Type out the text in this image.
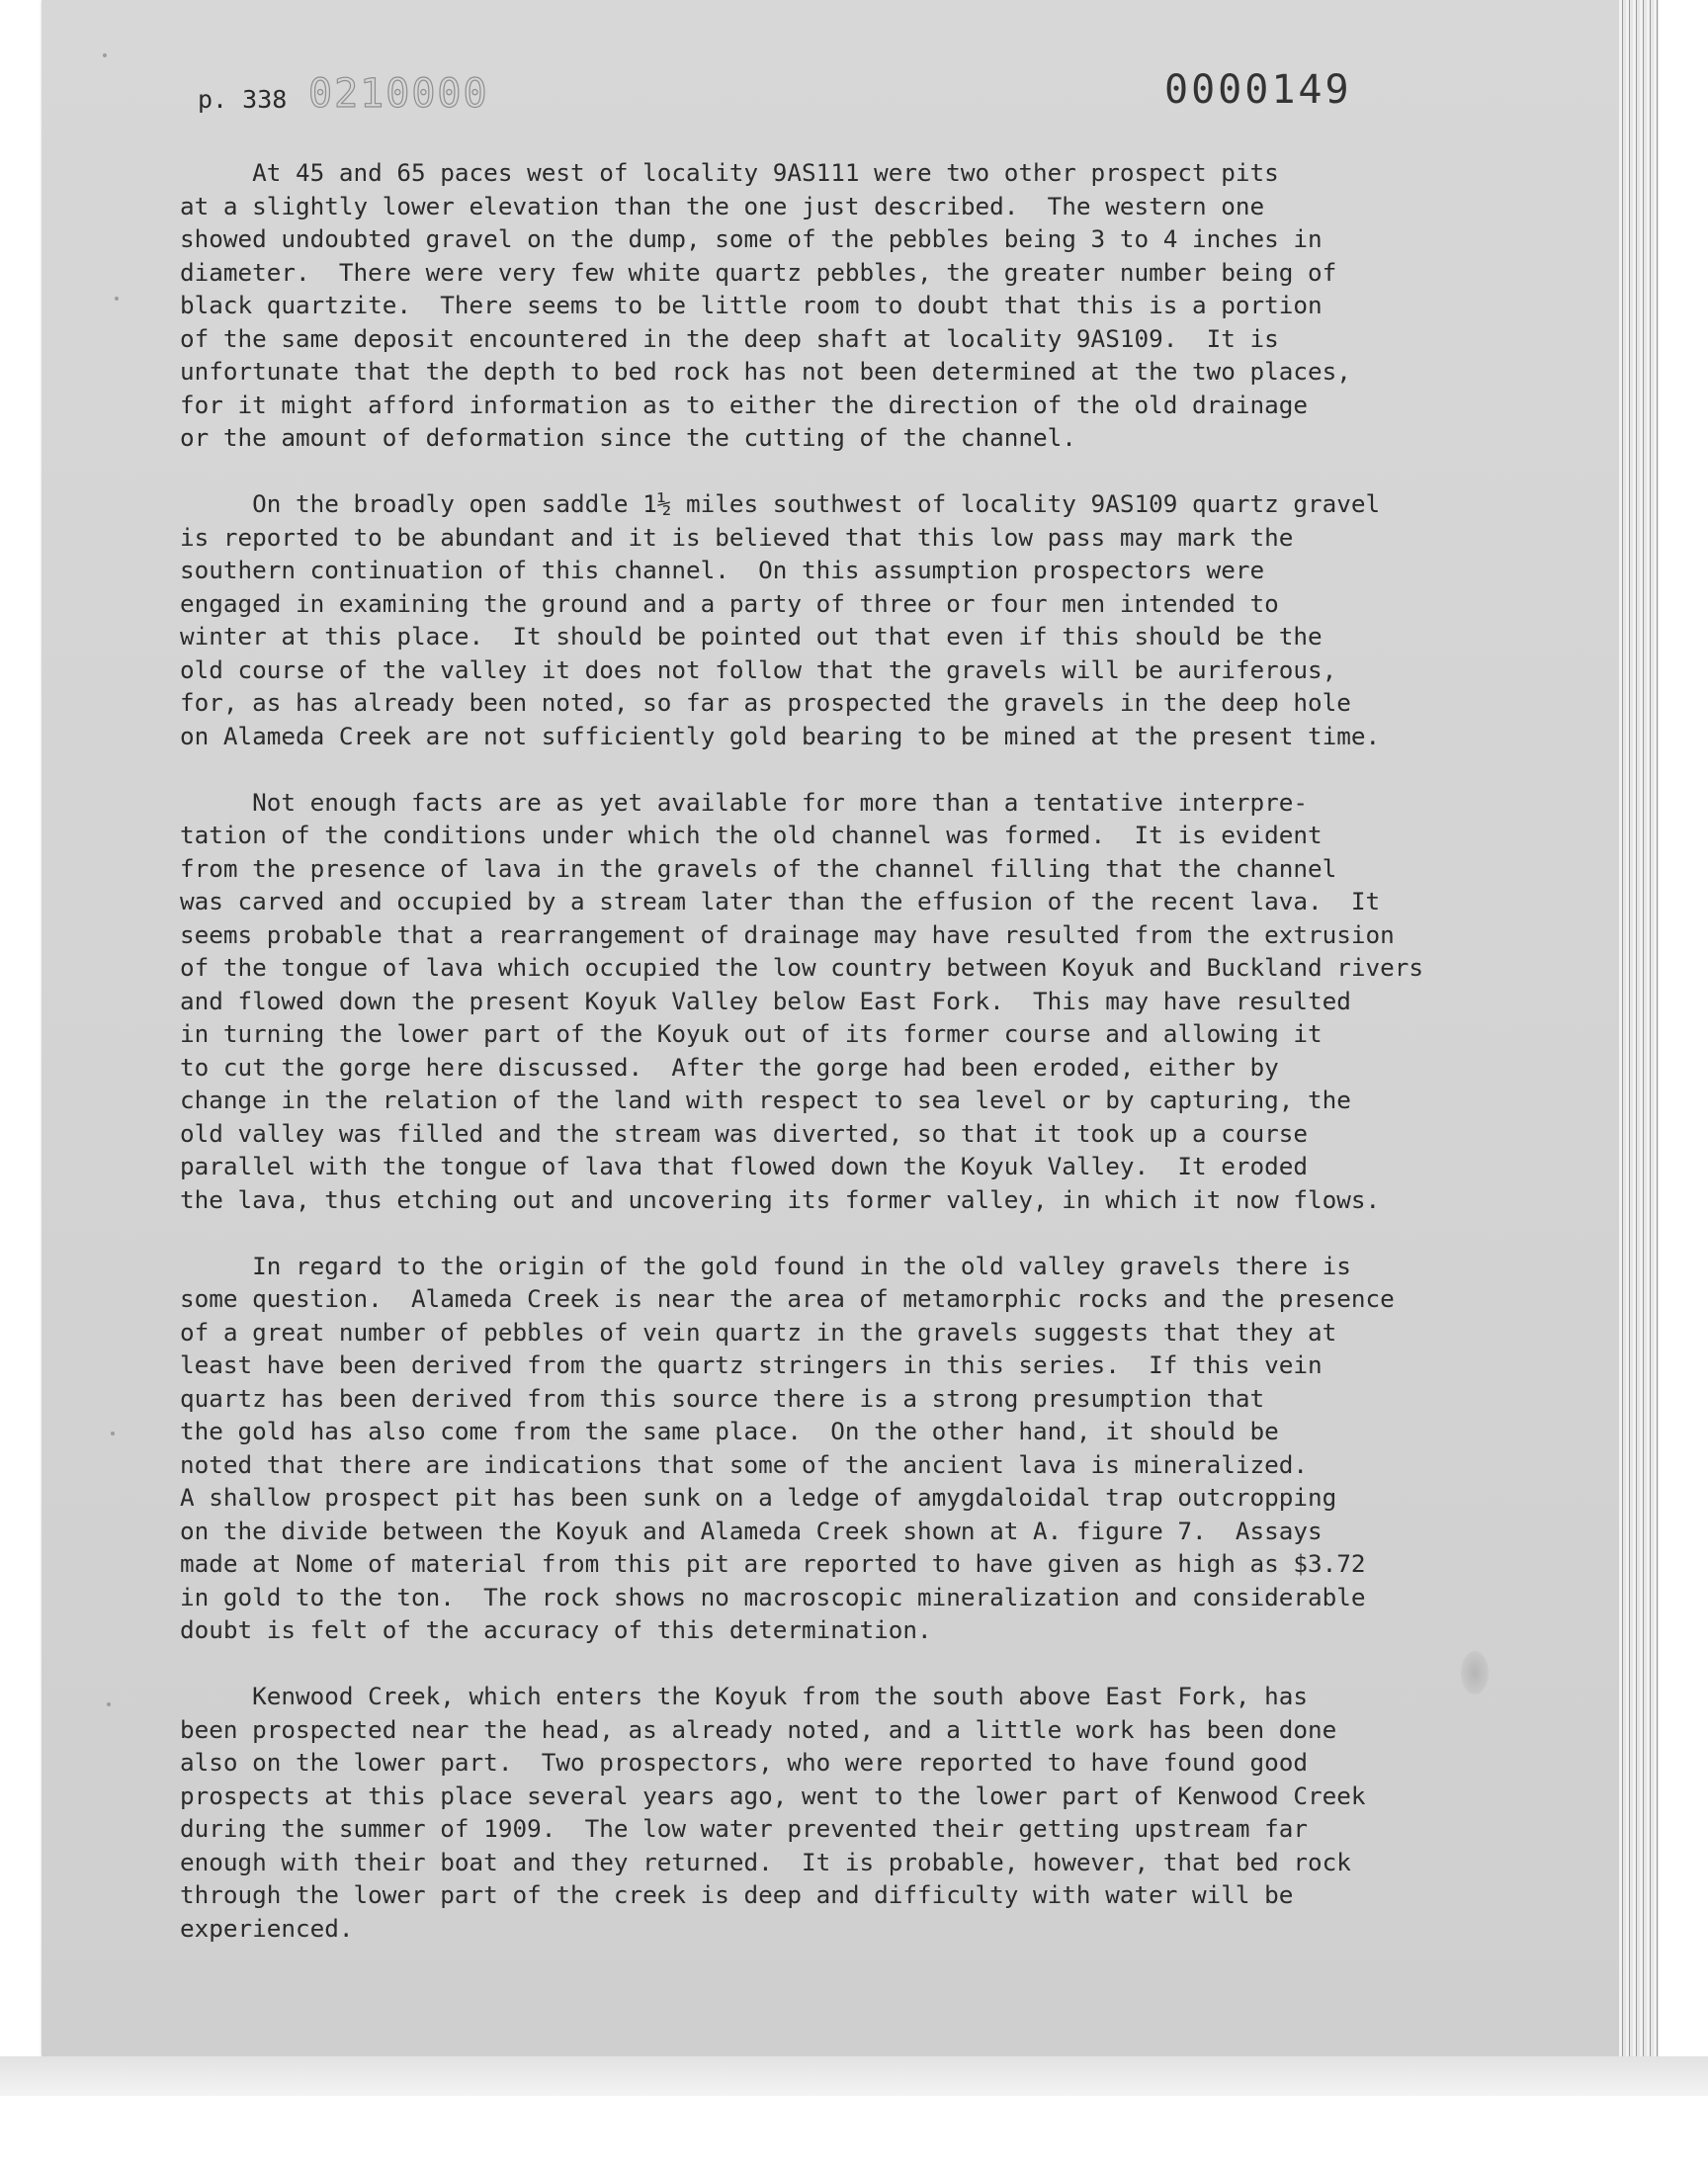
p. 338 0210000	0000149
At 45 and 65 paces west of locality 9AS111 were two other prospect pits
at a slightly lower elevation than the one just described.  The western one
showed undoubted gravel on the dump, some of the pebbles being 3 to 4 inches in
diameter.  There were very few white quartz pebbles, the greater number being of
black quartzite.  There seems to be little room to doubt that this is a portion
of the same deposit encountered in the deep shaft at locality 9AS109.  It is
unfortunate that the depth to bed rock has not been determined at the two places,
for it might afford information as to either the direction of the old drainage
or the amount of deformation since the cutting of the channel.
On the broadly open saddle 1½ miles southwest of locality 9AS109 quartz gravel
is reported to be abundant and it is believed that this low pass may mark the
southern continuation of this channel.  On this assumption prospectors were
engaged in examining the ground and a party of three or four men intended to
winter at this place.  It should be pointed out that even if this should be the
old course of the valley it does not follow that the gravels will be auriferous,
for, as has already been noted, so far as prospected the gravels in the deep hole
on Alameda Creek are not sufficiently gold bearing to be mined at the present time.
Not enough facts are as yet available for more than a tentative interpre-
tation of the conditions under which the old channel was formed.  It is evident
from the presence of lava in the gravels of the channel filling that the channel
was carved and occupied by a stream later than the effusion of the recent lava.  It
seems probable that a rearrangement of drainage may have resulted from the extrusion
of the tongue of lava which occupied the low country between Koyuk and Buckland rivers
and flowed down the present Koyuk Valley below East Fork.  This may have resulted
in turning the lower part of the Koyuk out of its former course and allowing it
to cut the gorge here discussed.  After the gorge had been eroded, either by
change in the relation of the land with respect to sea level or by capturing, the
old valley was filled and the stream was diverted, so that it took up a course
parallel with the tongue of lava that flowed down the Koyuk Valley.  It eroded
the lava, thus etching out and uncovering its former valley, in which it now flows.
In regard to the origin of the gold found in the old valley gravels there is
some question.  Alameda Creek is near the area of metamorphic rocks and the presence
of a great number of pebbles of vein quartz in the gravels suggests that they at
least have been derived from the quartz stringers in this series.  If this vein
quartz has been derived from this source there is a strong presumption that
the gold has also come from the same place.  On the other hand, it should be
noted that there are indications that some of the ancient lava is mineralized.
A shallow prospect pit has been sunk on a ledge of amygdaloidal trap outcropping
on the divide between the Koyuk and Alameda Creek shown at A. figure 7.  Assays
made at Nome of material from this pit are reported to have given as high as $3.72
in gold to the ton.  The rock shows no macroscopic mineralization and considerable
doubt is felt of the accuracy of this determination.
Kenwood Creek, which enters the Koyuk from the south above East Fork, has
been prospected near the head, as already noted, and a little work has been done
also on the lower part.  Two prospectors, who were reported to have found good
prospects at this place several years ago, went to the lower part of Kenwood Creek
during the summer of 1909.  The low water prevented their getting upstream far
enough with their boat and they returned.  It is probable, however, that bed rock
through the lower part of the creek is deep and difficulty with water will be
experienced.
